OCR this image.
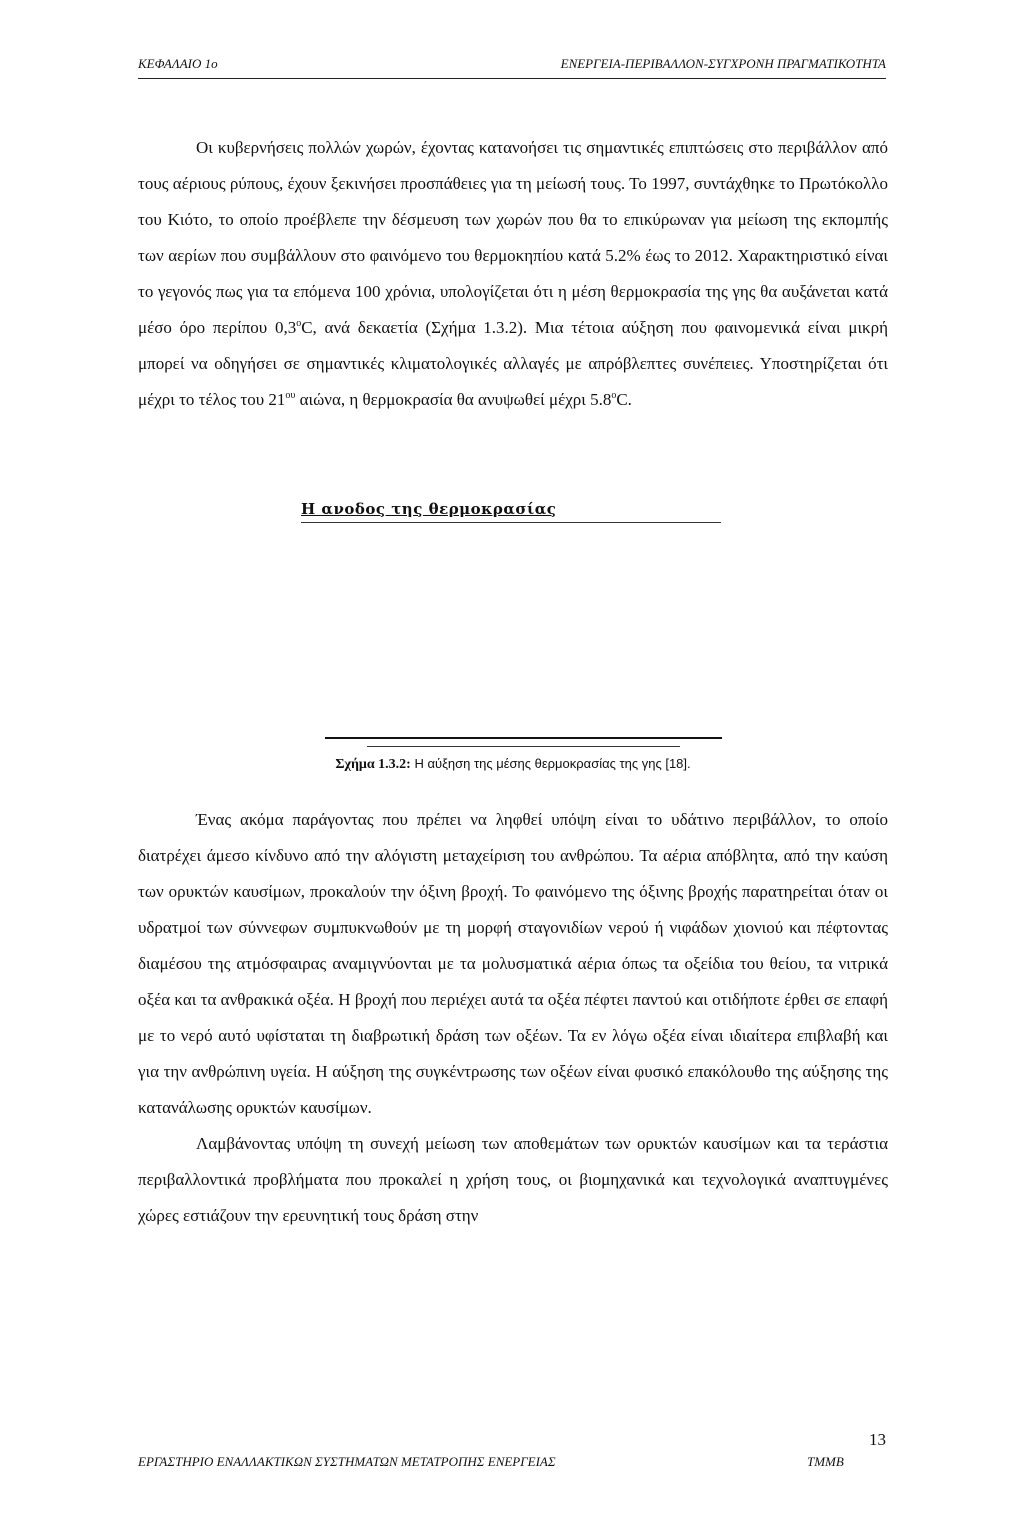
ΚΕΦΑΛΑΙΟ 1ο	ΕΝΕΡΓΕΙΑ-ΠΕΡΙΒΑΛΛΟΝ-ΣΥΓΧΡΟΝΗ ΠΡΑΓΜΑΤΙΚΟΤΗΤΑ

Οι κυβερνήσεις πολλών χωρών, έχοντας κατανοήσει τις σημαντικές επιπτώσεις στο περιβάλλον από τους αέριους ρύπους, έχουν ξεκινήσει προσπάθειες για τη μείωσή τους. Το 1997, συντάχθηκε το Πρωτόκολλο του Κιότο, το οποίο προέβλεπε την δέσμευση των χωρών που θα το επικύρωναν για μείωση της εκπομπής των αερίων που συμβάλλουν στο φαινόμενο του θερμοκηπίου κατά 5.2% έως το 2012. Χαρακτηριστικό είναι το γεγονός πως για τα επόμενα 100 χρόνια, υπολογίζεται ότι η μέση θερμοκρασία της γης θα αυξάνεται κατά μέσο όρο περίπου $0,3^oC$, ανά δεκαετία (Σχήμα 1.3.2). Μια τέτοια αύξηση που φαινομενικά είναι μικρή μπορεί να οδηγήσει σε σημαντικές κλιματολογικές αλλαγές με απρόβλεπτες συνέπειες. Υποστηρίζεται ότι μέχρι το τέλος του $21^{o\upsilon}$ αιώνα, η θερμοκρασία θα ανυψωθεί μέχρι $5.8^oC$.

Η ανοδος της θερμοκρασίας
Σχήμα 1.3.2: Η αύξηση της μέσης θερμοκρασίας της γης [18].

Ένας ακόμα παράγοντας που πρέπει να ληφθεί υπόψη είναι το υδάτινο περιβάλλον, το οποίο διατρέχει άμεσο κίνδυνο από την αλόγιστη μεταχείριση του ανθρώπου. Τα αέρια απόβλητα, από την καύση των ορυκτών καυσίμων, προκαλούν την όξινη βροχή. Το φαινόμενο της όξινης βροχής παρατηρείται όταν οι υδρατμοί των σύννεφων συμπυκνωθούν με τη μορφή σταγονιδίων νερού ή νιφάδων χιονιού και πέφτοντας διαμέσου της ατμόσφαιρας αναμιγνύονται με τα μολυσματικά αέρια όπως τα οξείδια του θείου, τα νιτρικά οξέα και τα ανθρακικά οξέα. Η βροχή που περιέχει αυτά τα οξέα πέφτει παντού και οτιδήποτε έρθει σε επαφή με το νερό αυτό υφίσταται τη διαβρωτική δράση των οξέων. Τα εν λόγω οξέα είναι ιδιαίτερα επιβλαβή και για την ανθρώπινη υγεία. Η αύξηση της συγκέντρωσης των οξέων είναι φυσικό επακόλουθο της αύξησης της κατανάλωσης ορυκτών καυσίμων.

Λαμβάνοντας υπόψη τη συνεχή μείωση των αποθεμάτων των ορυκτών καυσίμων και τα τεράστια περιβαλλοντικά προβλήματα που προκαλεί η χρήση τους, οι βιομηχανικά και τεχνολογικά αναπτυγμένες χώρες εστιάζουν την ερευνητική τους δράση στην

13
ΕΡΓΑΣΤΗΡΙΟ ΕΝΑΛΛΑΚΤΙΚΩΝ ΣΥΣΤΗΜΑΤΩΝ ΜΕΤΑΤΡΟΠΗΣ ΕΝΕΡΓΕΙΑΣ	ΤΜΜΒ
